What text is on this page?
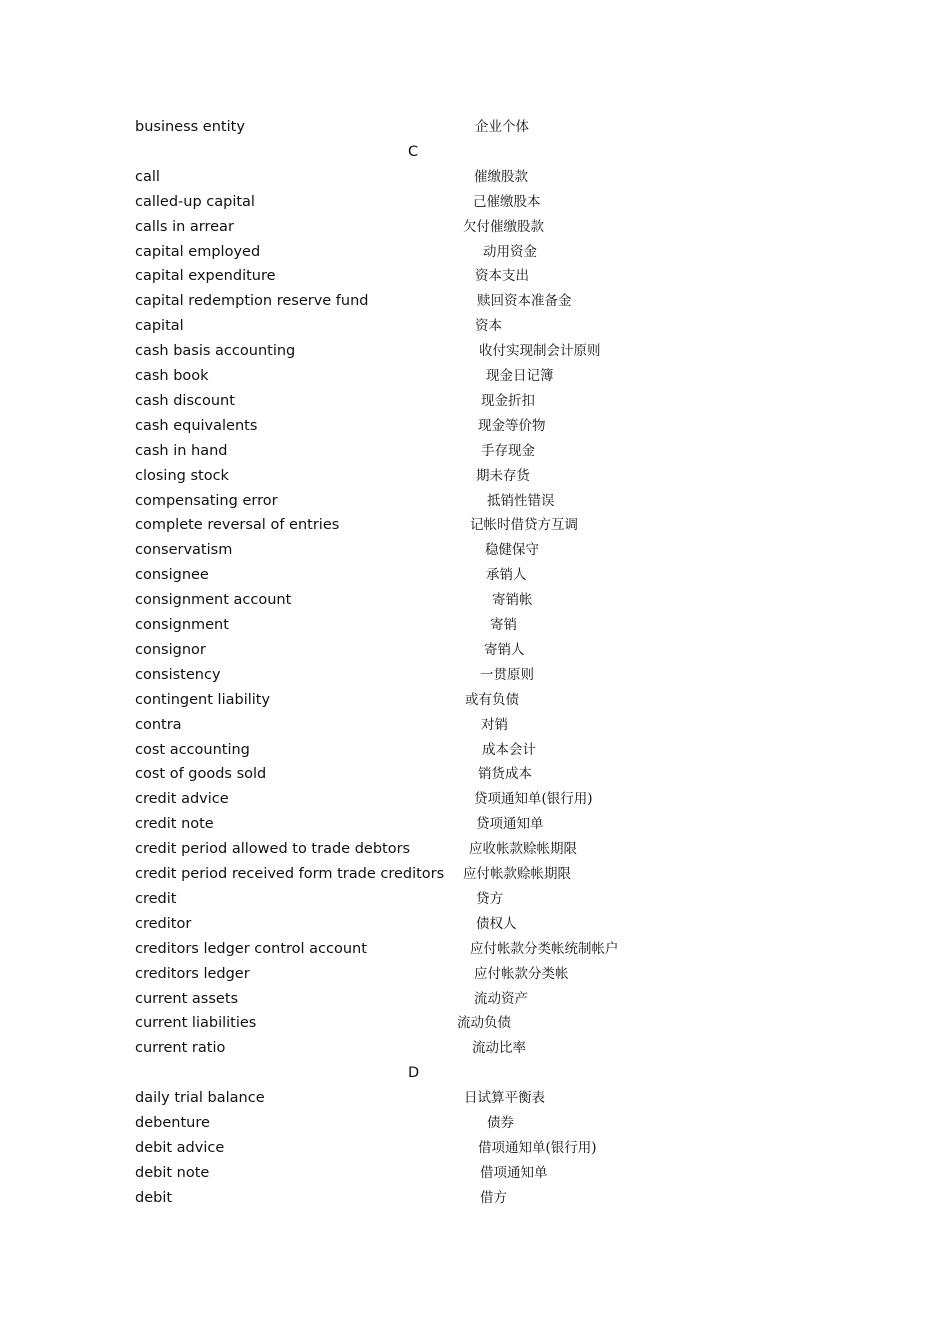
business entity	企业个体
C
call	催缴股款
called-up capital	己催缴股本
calls in arrear	欠付催缴股款
capital employed	动用资金
capital expenditure	资本支出
capital redemption reserve fund	赎回资本准备金
capital	资本
cash basis accounting	收付实现制会计原则
cash book	现金日记簿
cash discount	现金折扣
cash equivalents	现金等价物
cash in hand	手存现金
closing stock	期未存货
compensating error	抵销性错误
complete reversal of entries	记帐时借贷方互调
conservatism	稳健保守
consignee	承销人
consignment account	寄销帐
consignment	寄销
consignor	寄销人
consistency	一贯原则
contingent liability	或有负债
contra	对销
cost accounting	成本会计
cost of goods sold	销货成本
credit advice	贷项通知单(银行用)
credit note	贷项通知单
credit period allowed to trade debtors	应收帐款赊帐期限
credit period received form trade creditors 应付帐款赊帐期限
credit	贷方
creditor	债权人
creditors ledger control account	应付帐款分类帐统制帐户
creditors ledger	应付帐款分类帐
current assets	流动资产
current liabilities	流动负债
current ratio	流动比率
D
daily trial balance	日试算平衡表
debenture	债券
debit advice	借项通知单(银行用)
debit note	借项通知单
debit	借方
